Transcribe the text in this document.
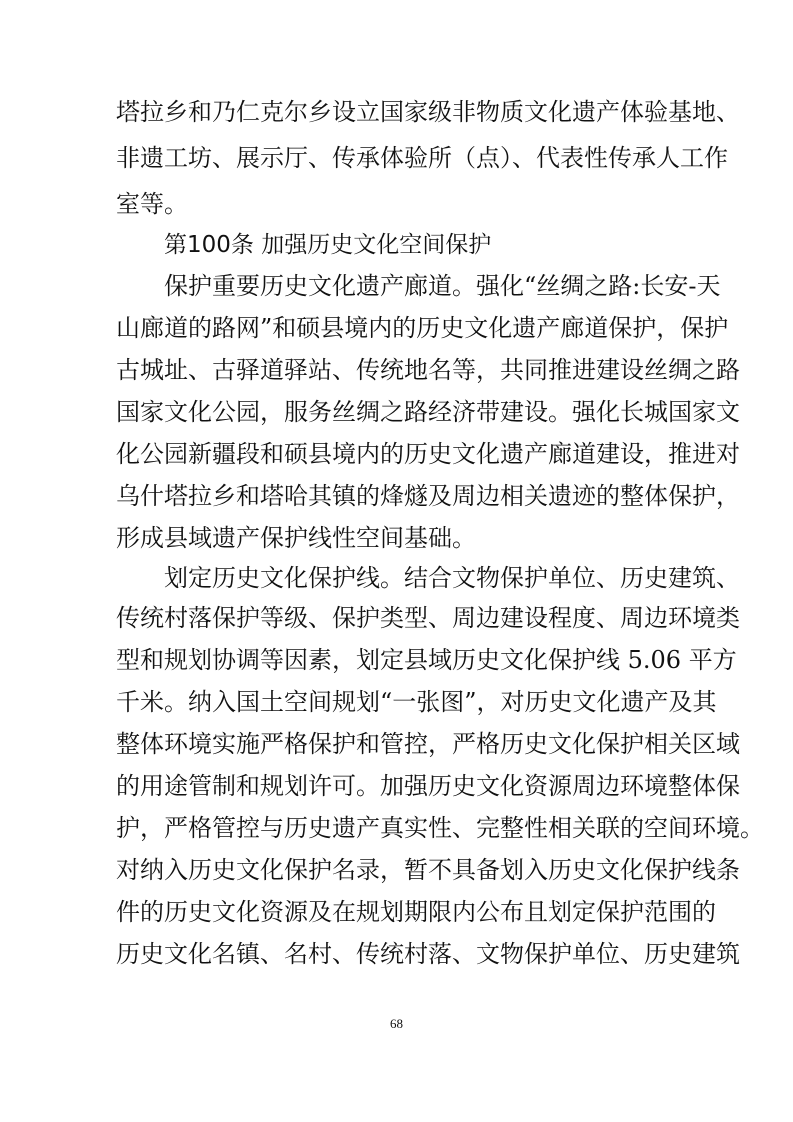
塔拉乡和乃仁克尔乡设立国家级非物质文化遗产体验基地、
非遗工坊、展示厅、传承体验所（点）、代表性传承人工作
室等。
第100条 加强历史文化空间保护
保护重要历史文化遗产廊道。强化“丝绸之路:长安-天
山廊道的路网”和硕县境内的历史文化遗产廊道保护，保护
古城址、古驿道驿站、传统地名等，共同推进建设丝绸之路
国家文化公园，服务丝绸之路经济带建设。强化长城国家文
化公园新疆段和硕县境内的历史文化遗产廊道建设，推进对
乌什塔拉乡和塔哈其镇的烽燧及周边相关遗迹的整体保护，
形成县域遗产保护线性空间基础。
划定历史文化保护线。结合文物保护单位、历史建筑、
传统村落保护等级、保护类型、周边建设程度、周边环境类
型和规划协调等因素，划定县域历史文化保护线 5.06 平方
千米。纳入国土空间规划“一张图”，对历史文化遗产及其
整体环境实施严格保护和管控，严格历史文化保护相关区域
的用途管制和规划许可。加强历史文化资源周边环境整体保
护，严格管控与历史遗产真实性、完整性相关联的空间环境。
对纳入历史文化保护名录，暂不具备划入历史文化保护线条
件的历史文化资源及在规划期限内公布且划定保护范围的
历史文化名镇、名村、传统村落、文物保护单位、历史建筑
68
